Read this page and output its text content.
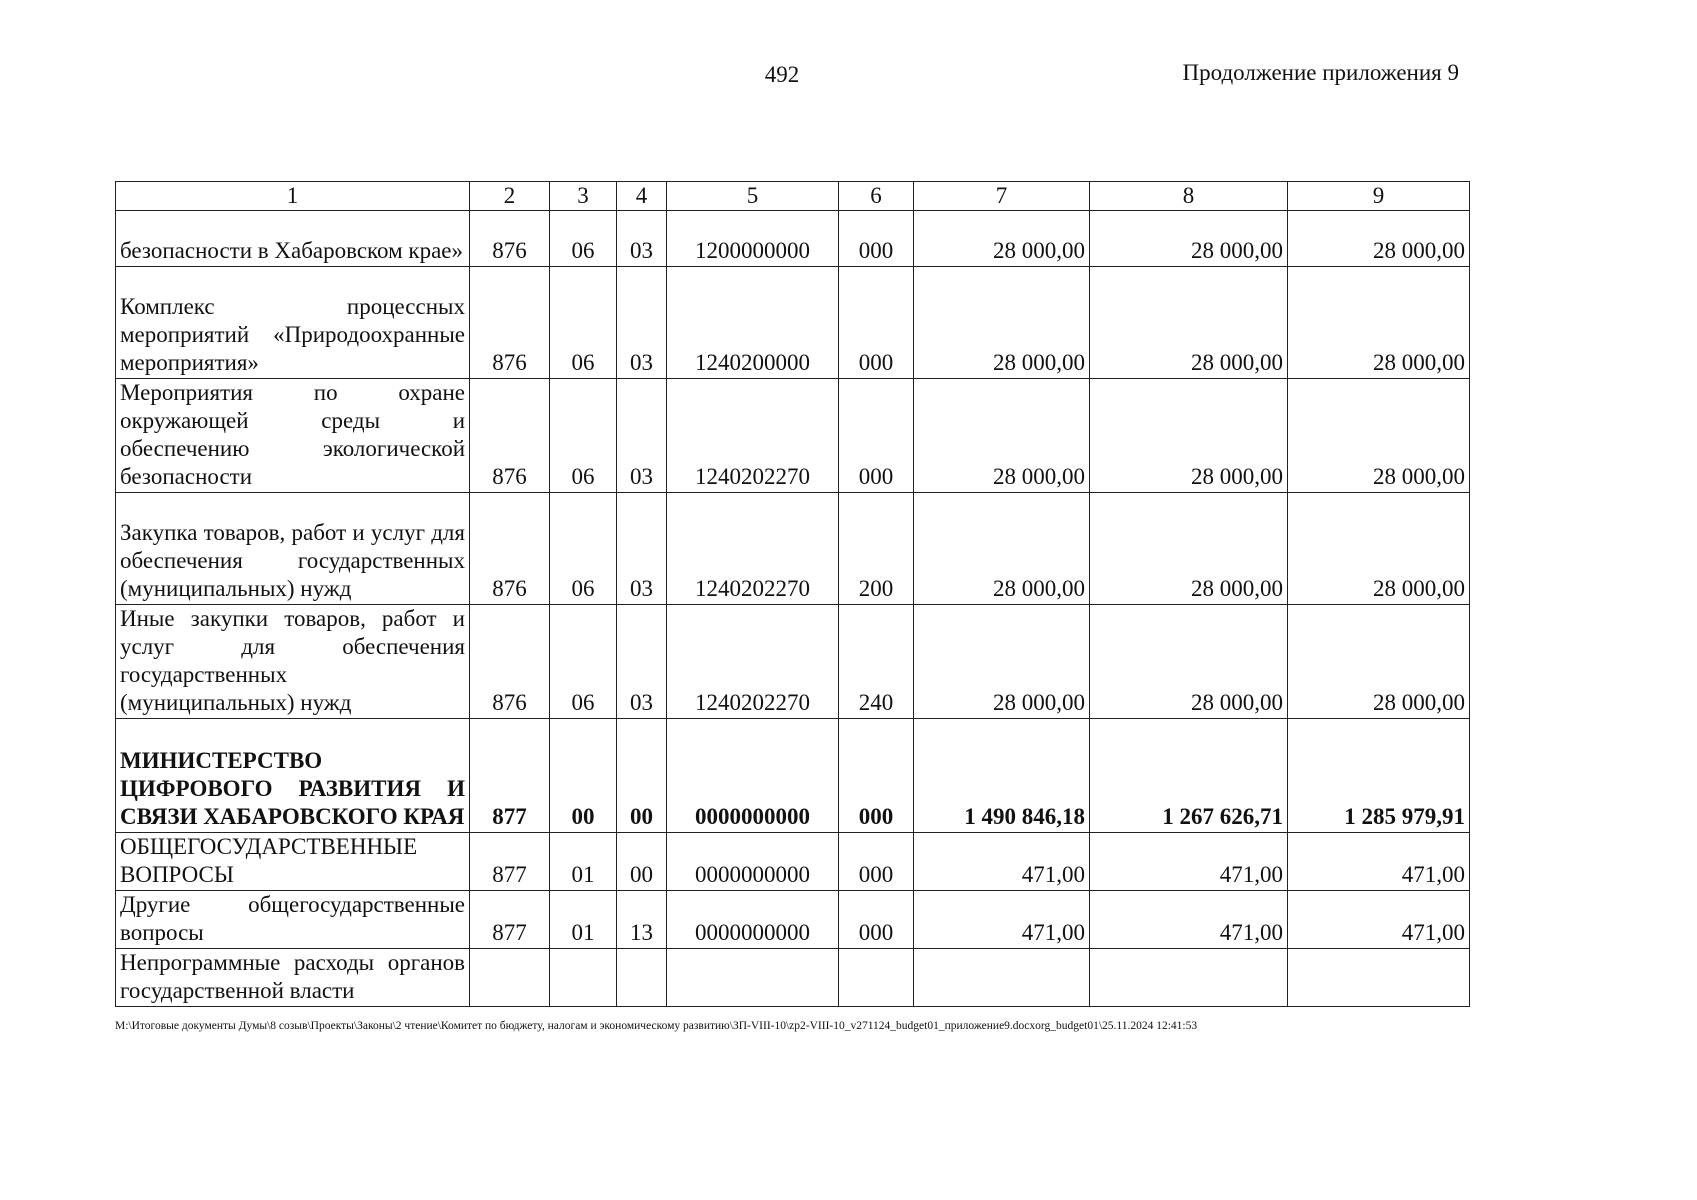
492	Продолжение приложения 9
1	2	3	4	5	6	7	8	9
безопасности в Хабаровском крае»	876	06	03	1200000000	000	28 000,00	28 000,00	28 000,00
Комплекс процессных мероприятий «Природоохранные мероприятия»	876	06	03	1240200000	000	28 000,00	28 000,00	28 000,00
Мероприятия по охране окружающей среды и обеспечению экологической безопасности	876	06	03	1240202270	000	28 000,00	28 000,00	28 000,00
Закупка товаров, работ и услуг для обеспечения государственных (муниципальных) нужд	876	06	03	1240202270	200	28 000,00	28 000,00	28 000,00
Иные закупки товаров, работ и услуг для обеспечения государственных (муниципальных) нужд	876	06	03	1240202270	240	28 000,00	28 000,00	28 000,00
МИНИСТЕРСТВО ЦИФРОВОГО РАЗВИТИЯ И СВЯЗИ ХАБАРОВСКОГО КРАЯ	877	00	00	0000000000	000	1 490 846,18	1 267 626,71	1 285 979,91
ОБЩЕГОСУДАРСТВЕННЫЕ ВОПРОСЫ	877	01	00	0000000000	000	471,00	471,00	471,00
Другие общегосударственные вопросы	877	01	13	0000000000	000	471,00	471,00	471,00
Непрограммные расходы органов государственной власти								
M:\Итоговые документы Думы\8 созыв\Проекты\Законы\2 чтение\Комитет по бюджету, налогам и экономическому развитию\ЗП-VIII-10\zp2-VIII-10_v271124_budget01_приложение9.docxorg_budget01\25.11.2024 12:41:53
